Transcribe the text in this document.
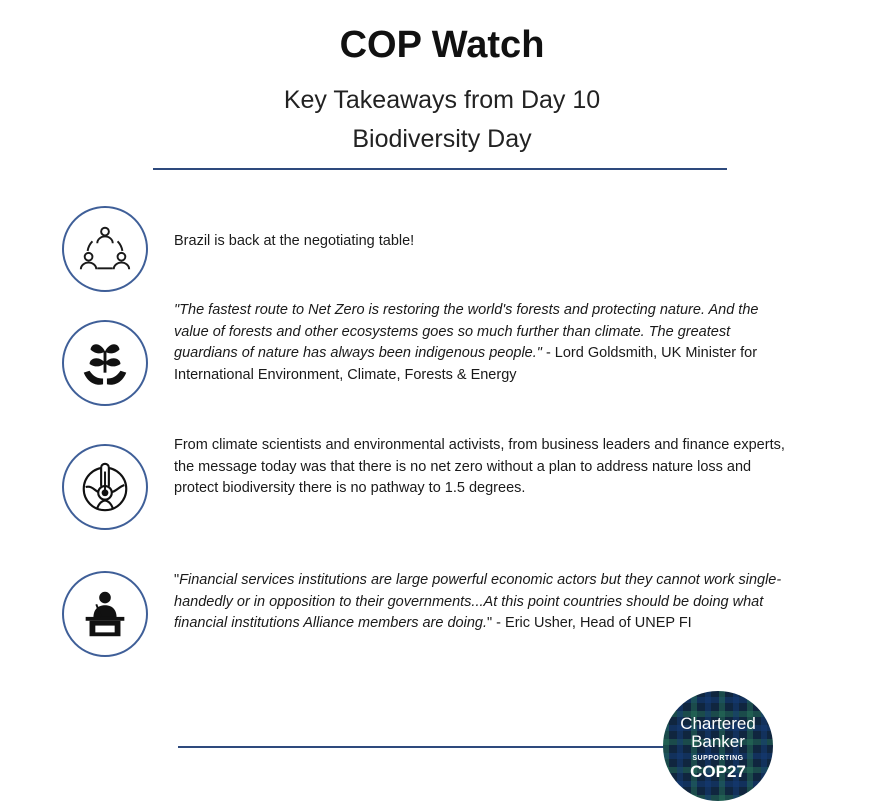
COP Watch
Key Takeaways from Day 10
Biodiversity Day
Brazil is back at the negotiating table!
"The fastest route to Net Zero is restoring the world's forests and protecting nature. And the value of forests and other ecosystems goes so much further than climate. The greatest guardians of nature has always been indigenous people." - Lord Goldsmith, UK Minister for International Environment, Climate, Forests & Energy
From climate scientists and environmental activists, from business leaders and finance experts, the message today was that there is no net zero without a plan to address nature loss and protect biodiversity there is no pathway to 1.5 degrees.
"Financial services institutions are large powerful economic actors but they cannot work single-handedly or in opposition to their governments...At this point countries should be doing what financial institutions Alliance members are doing." - Eric Usher, Head of UNEP FI
Chartered
Banker
SUPPORTING
COP27
